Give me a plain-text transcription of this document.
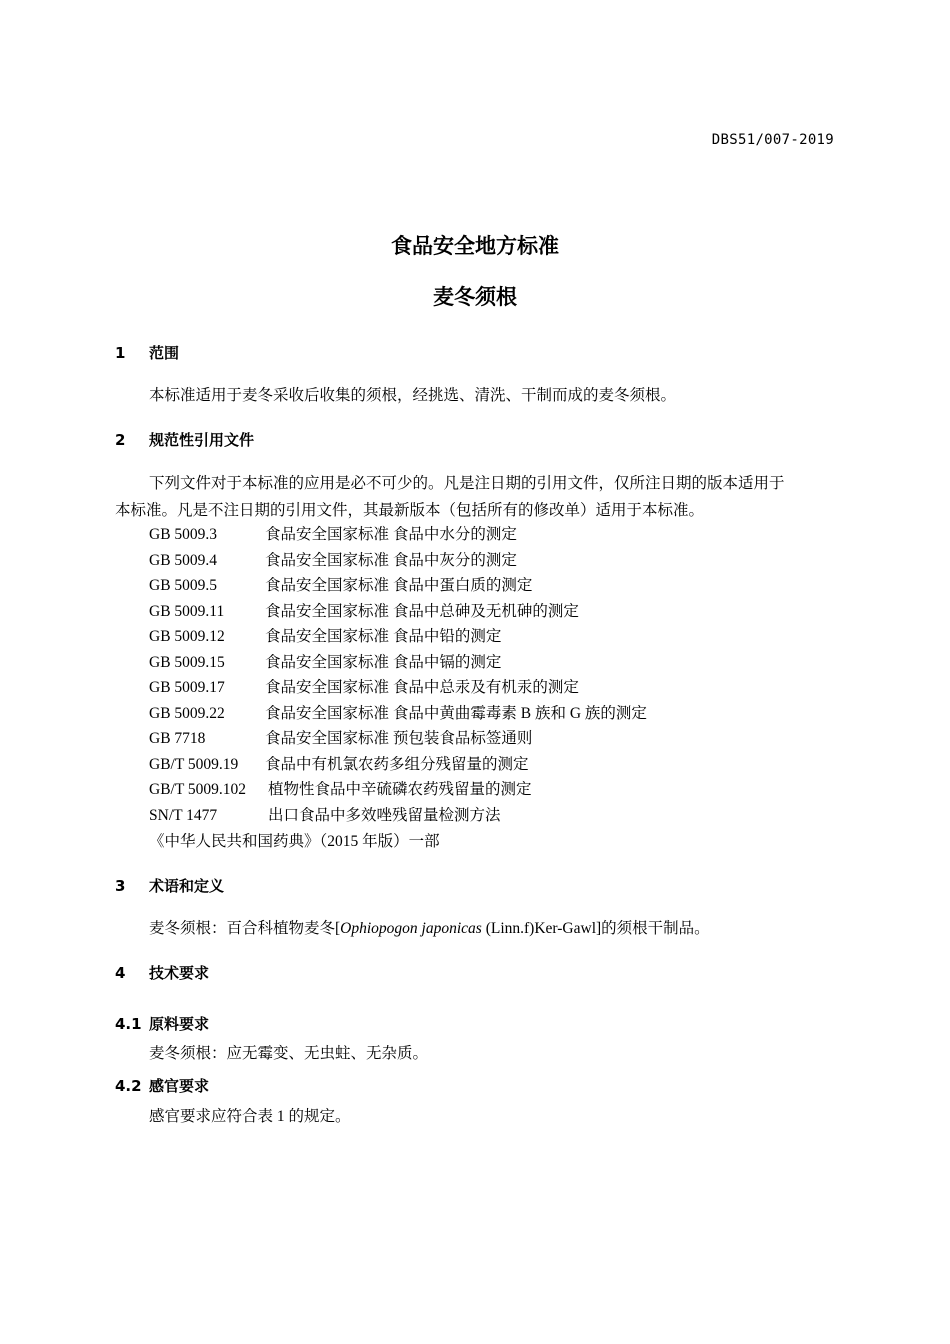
DBS51/007-2019
食品安全地方标准
麦冬须根
1 范围
本标准适用于麦冬采收后收集的须根，经挑选、清洗、干制而成的麦冬须根。
2 规范性引用文件
下列文件对于本标准的应用是必不可少的。凡是注日期的引用文件，仅所注日期的版本适用于
本标准。凡是不注日期的引用文件，其最新版本（包括所有的修改单）适用于本标准。
GB 5009.3	食品安全国家标准 食品中水分的测定
GB 5009.4	食品安全国家标准 食品中灰分的测定
GB 5009.5	食品安全国家标准 食品中蛋白质的测定
GB 5009.11	食品安全国家标准 食品中总砷及无机砷的测定
GB 5009.12	食品安全国家标准 食品中铅的测定
GB 5009.15	食品安全国家标准 食品中镉的测定
GB 5009.17	食品安全国家标准 食品中总汞及有机汞的测定
GB 5009.22	食品安全国家标准 食品中黄曲霉毒素 B 族和 G 族的测定
GB 7718	食品安全国家标准 预包装食品标签通则
GB/T 5009.19 食品中有机氯农药多组分残留量的测定
GB/T 5009.102 植物性食品中辛硫磷农药残留量的测定
SN/T 1477	出口食品中多效唑残留量检测方法
《中华人民共和国药典》（2015 年版）一部
3 术语和定义
麦冬须根：百合科植物麦冬[Ophiopogon japonicas (Linn.f)Ker-Gawl]的须根干制品。
4 技术要求
4.1 原料要求
麦冬须根：应无霉变、无虫蛀、无杂质。
4.2 感官要求
感官要求应符合表 1 的规定。
